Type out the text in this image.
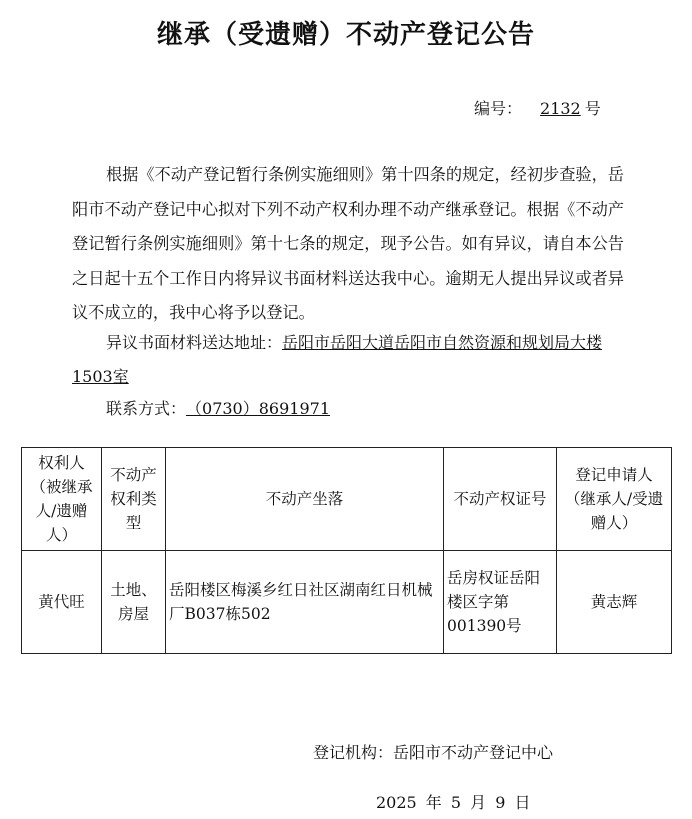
继承（受遗赠）不动产登记公告
编号： 2132 号

根据《不动产登记暂行条例实施细则》第十四条的规定，经初步查验，岳阳市不动产登记中心拟对下列不动产权利办理不动产继承登记。根据《不动产登记暂行条例实施细则》第十七条的规定，现予公告。如有异议，请自本公告之日起十五个工作日内将异议书面材料送达我中心。逾期无人提出异议或者异议不成立的，我中心将予以登记。

异议书面材料送达地址：岳阳市岳阳大道岳阳市自然资源和规划局大楼1503室

联系方式：（0730）8691971
权利人（被继承人/遗赠人）	不动产权利类型	不动产坐落	不动产权证号	登记申请人（继承人/受遗赠人）
黄代旺	土地、房屋	岳阳楼区梅溪乡红日社区湖南红日机械厂B037栋502	岳房权证岳阳楼区字第001390号	黄志辉
登记机构：岳阳市不动产登记中心
2025 年 5 月 9 日
